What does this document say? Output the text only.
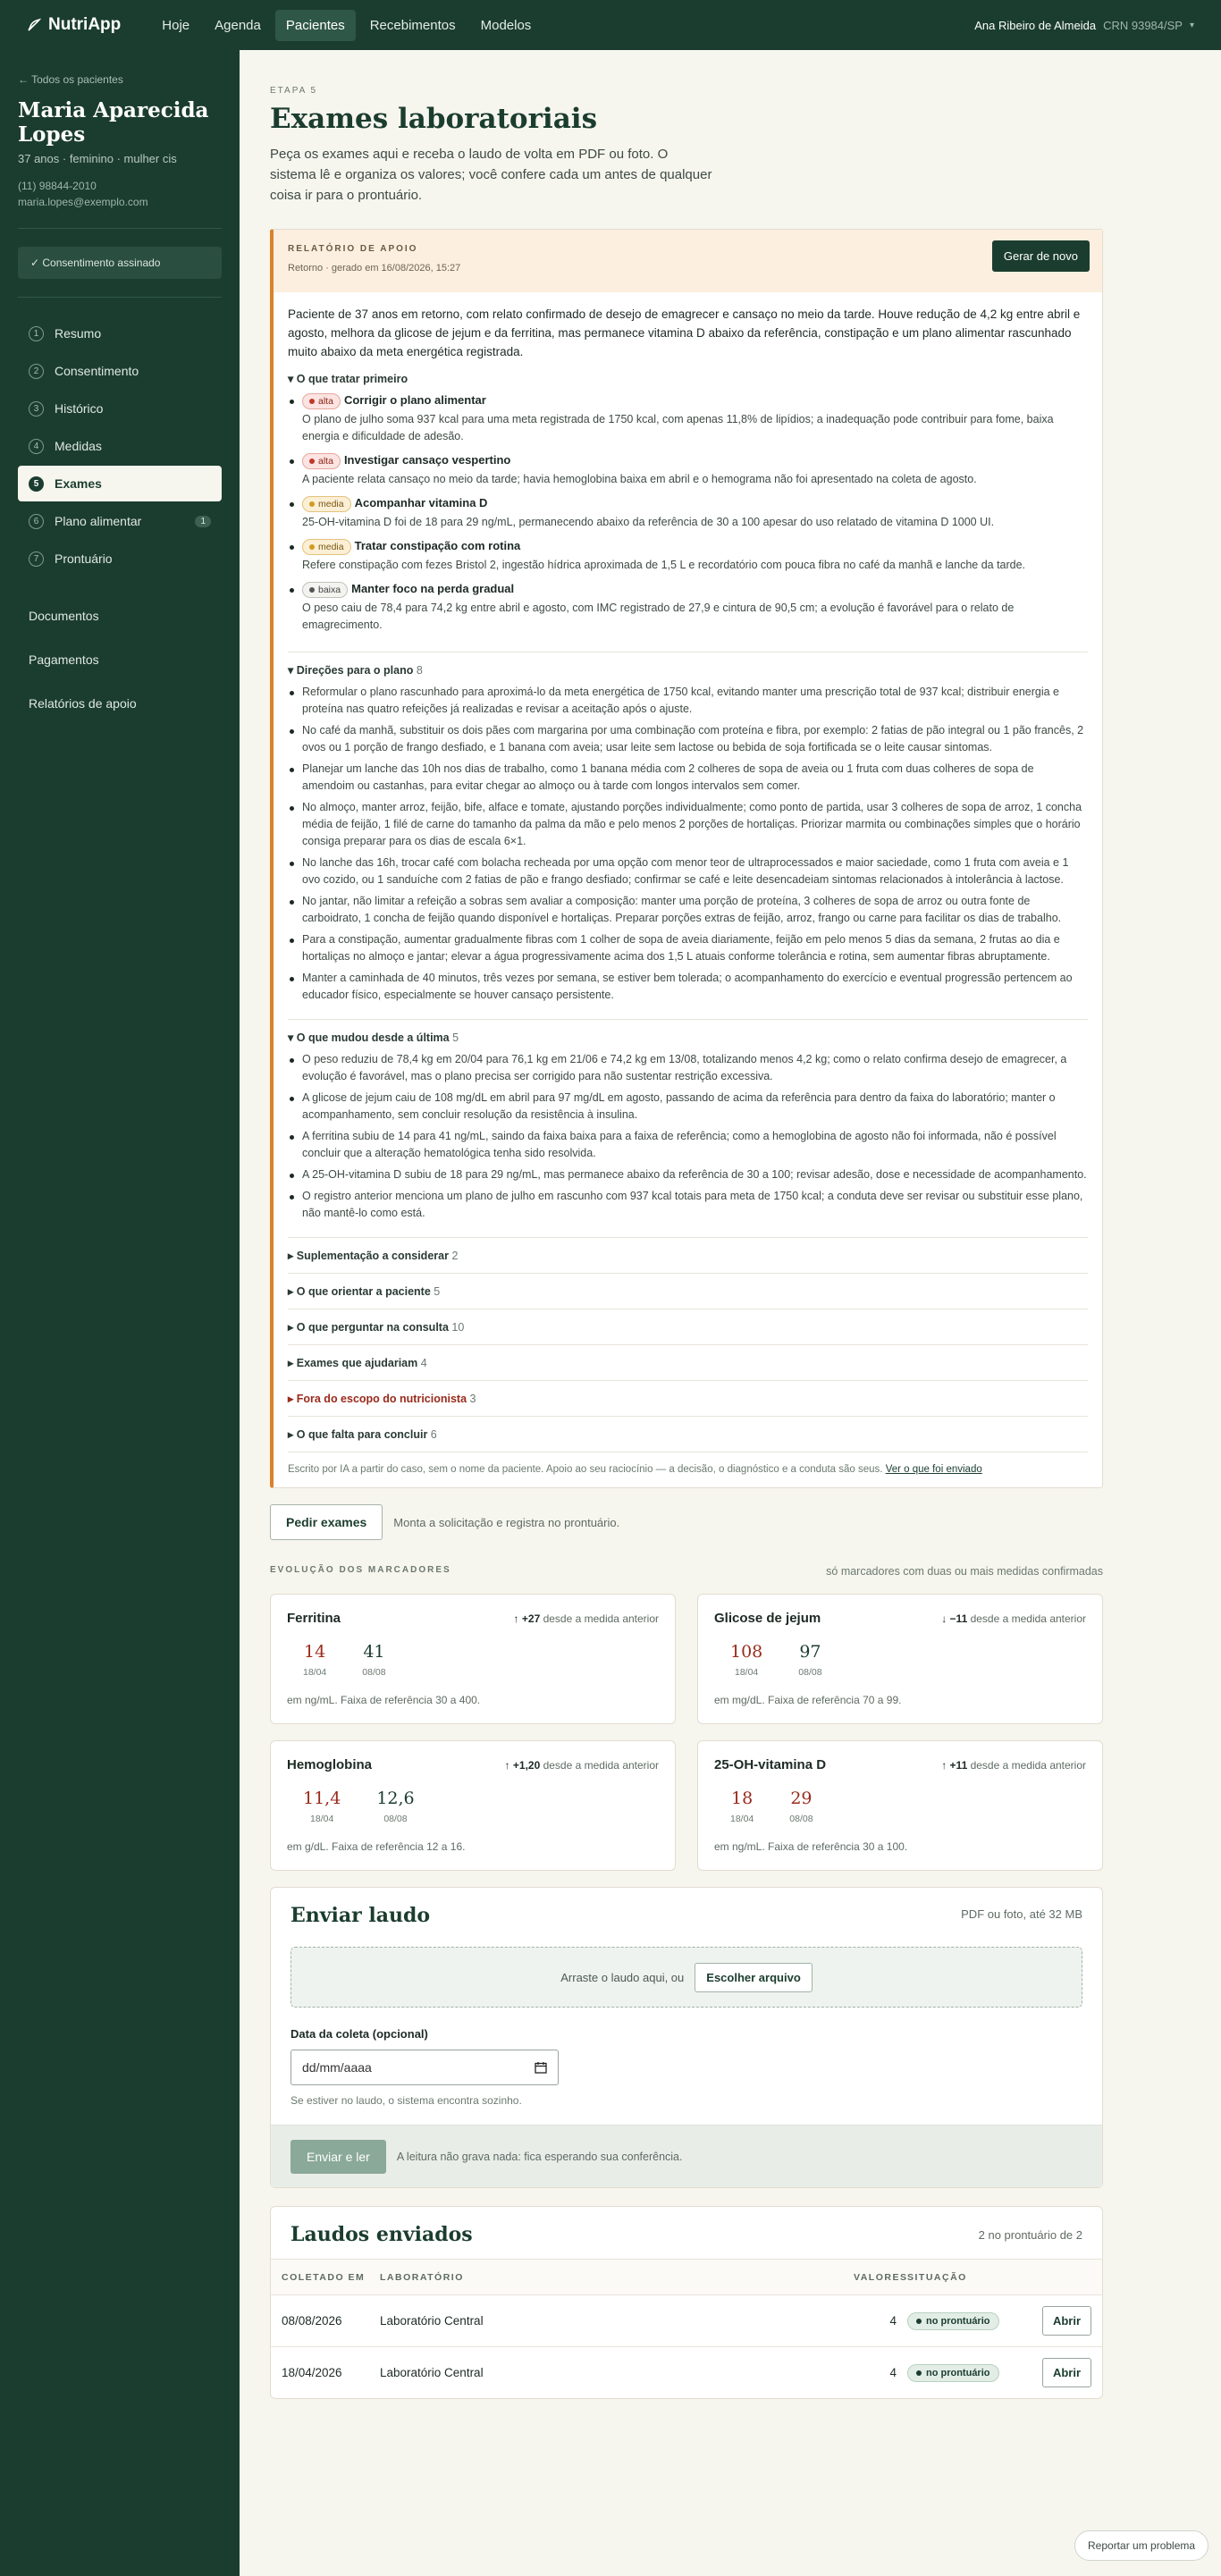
NutriApp	Hoje	Agenda	Pacientes	Recebimentos	Modelos	Ana Ribeiro de Almeida CRN 93984/SP ▾
← Todos os pacientes
Maria Aparecida Lopes
37 anos · feminino · mulher cis
(11) 98844-2010
maria.lopes@exemplo.com
✓ Consentimento assinado
1	Resumo
2	Consentimento
3	Histórico
4	Medidas
5	Exames
6	Plano alimentar	1
7	Prontuário
Documentos
Pagamentos
Relatórios de apoio
ETAPA 5
Exames laboratoriais
Peça os exames aqui e receba o laudo de volta em PDF ou foto. O sistema lê e organiza os valores; você confere cada um antes de qualquer coisa ir para o prontuário.
RELATÓRIO DE APOIO
Retorno · gerado em 16/08/2026, 15:27
Gerar de novo
Paciente de 37 anos em retorno, com relato confirmado de desejo de emagrecer e cansaço no meio da tarde. Houve redução de 4,2 kg entre abril e agosto, melhora da glicose de jejum e da ferritina, mas permanece vitamina D abaixo da referência, constipação e um plano alimentar rascunhado muito abaixo da meta energética registrada.
▾ O que tratar primeiro
alta Corrigir o plano alimentar
O plano de julho soma 937 kcal para uma meta registrada de 1750 kcal, com apenas 11,8% de lipídios; a inadequação pode contribuir para fome, baixa energia e dificuldade de adesão.
alta Investigar cansaço vespertino
A paciente relata cansaço no meio da tarde; havia hemoglobina baixa em abril e o hemograma não foi apresentado na coleta de agosto.
media Acompanhar vitamina D
25-OH-vitamina D foi de 18 para 29 ng/mL, permanecendo abaixo da referência de 30 a 100 apesar do uso relatado de vitamina D 1000 UI.
media Tratar constipação com rotina
Refere constipação com fezes Bristol 2, ingestão hídrica aproximada de 1,5 L e recordatório com pouca fibra no café da manhã e lanche da tarde.
baixa Manter foco na perda gradual
O peso caiu de 78,4 para 74,2 kg entre abril e agosto, com IMC registrado de 27,9 e cintura de 90,5 cm; a evolução é favorável para o relato de emagrecimento.
▾ Direções para o plano 8
Reformular o plano rascunhado para aproximá-lo da meta energética de 1750 kcal, evitando manter uma prescrição total de 937 kcal; distribuir energia e proteína nas quatro refeições já realizadas e revisar a aceitação após o ajuste.
No café da manhã, substituir os dois pães com margarina por uma combinação com proteína e fibra, por exemplo: 2 fatias de pão integral ou 1 pão francês, 2 ovos ou 1 porção de frango desfiado, e 1 banana com aveia; usar leite sem lactose ou bebida de soja fortificada se o leite causar sintomas.
Planejar um lanche das 10h nos dias de trabalho, como 1 banana média com 2 colheres de sopa de aveia ou 1 fruta com duas colheres de sopa de amendoim ou castanhas, para evitar chegar ao almoço ou à tarde com longos intervalos sem comer.
No almoço, manter arroz, feijão, bife, alface e tomate, ajustando porções individualmente; como ponto de partida, usar 3 colheres de sopa de arroz, 1 concha média de feijão, 1 filé de carne do tamanho da palma da mão e pelo menos 2 porções de hortaliças. Priorizar marmita ou combinações simples que o horário consiga preparar para os dias de escala 6×1.
No lanche das 16h, trocar café com bolacha recheada por uma opção com menor teor de ultraprocessados e maior saciedade, como 1 fruta com aveia e 1 ovo cozido, ou 1 sanduíche com 2 fatias de pão e frango desfiado; confirmar se café e leite desencadeiam sintomas relacionados à intolerância à lactose.
No jantar, não limitar a refeição a sobras sem avaliar a composição: manter uma porção de proteína, 3 colheres de sopa de arroz ou outra fonte de carboidrato, 1 concha de feijão quando disponível e hortaliças. Preparar porções extras de feijão, arroz, frango ou carne para facilitar os dias de trabalho.
Para a constipação, aumentar gradualmente fibras com 1 colher de sopa de aveia diariamente, feijão em pelo menos 5 dias da semana, 2 frutas ao dia e hortaliças no almoço e jantar; elevar a água progressivamente acima dos 1,5 L atuais conforme tolerância e rotina, sem aumentar fibras abruptamente.
Manter a caminhada de 40 minutos, três vezes por semana, se estiver bem tolerada; o acompanhamento do exercício e eventual progressão pertencem ao educador físico, especialmente se houver cansaço persistente.
▾ O que mudou desde a última 5
O peso reduziu de 78,4 kg em 20/04 para 76,1 kg em 21/06 e 74,2 kg em 13/08, totalizando menos 4,2 kg; como o relato confirma desejo de emagrecer, a evolução é favorável, mas o plano precisa ser corrigido para não sustentar restrição excessiva.
A glicose de jejum caiu de 108 mg/dL em abril para 97 mg/dL em agosto, passando de acima da referência para dentro da faixa do laboratório; manter o acompanhamento, sem concluir resolução da resistência à insulina.
A ferritina subiu de 14 para 41 ng/mL, saindo da faixa baixa para a faixa de referência; como a hemoglobina de agosto não foi informada, não é possível concluir que a alteração hematológica tenha sido resolvida.
A 25-OH-vitamina D subiu de 18 para 29 ng/mL, mas permanece abaixo da referência de 30 a 100; revisar adesão, dose e necessidade de acompanhamento.
O registro anterior menciona um plano de julho em rascunho com 937 kcal totais para meta de 1750 kcal; a conduta deve ser revisar ou substituir esse plano, não mantê-lo como está.
▸ Suplementação a considerar 2
▸ O que orientar a paciente 5
▸ O que perguntar na consulta 10
▸ Exames que ajudariam 4
▸ Fora do escopo do nutricionista 3
▸ O que falta para concluir 6
Escrito por IA a partir do caso, sem o nome da paciente. Apoio ao seu raciocínio — a decisão, o diagnóstico e a conduta são seus. Ver o que foi enviado
Pedir exames	Monta a solicitação e registra no prontuário.
EVOLUÇÃO DOS MARCADORES	só marcadores com duas ou mais medidas confirmadas
Ferritina	↑ +27 desde a medida anterior
14
18/04
41
08/08
em ng/mL. Faixa de referência 30 a 400.
Glicose de jejum	↓ −11 desde a medida anterior
108
18/04
97
08/08
em mg/dL. Faixa de referência 70 a 99.
Hemoglobina	↑ +1,20 desde a medida anterior
11,4
18/04
12,6
08/08
em g/dL. Faixa de referência 12 a 16.
25-OH-vitamina D	↑ +11 desde a medida anterior
18
18/04
29
08/08
em ng/mL. Faixa de referência 30 a 100.
Enviar laudo	PDF ou foto, até 32 MB
Arraste o laudo aqui, ou	Escolher arquivo
Data da coleta (opcional)
dd/mm/aaaa
Se estiver no laudo, o sistema encontra sozinho.
Enviar e ler	A leitura não grava nada: fica esperando sua conferência.
Laudos enviados	2 no prontuário de 2
COLETADO EM	LABORATÓRIO	VALORES SITUAÇÃO
08/08/2026	Laboratório Central	4	no prontuário	Abrir
18/04/2026	Laboratório Central	4	no prontuário	Abrir
Reportar um problema
